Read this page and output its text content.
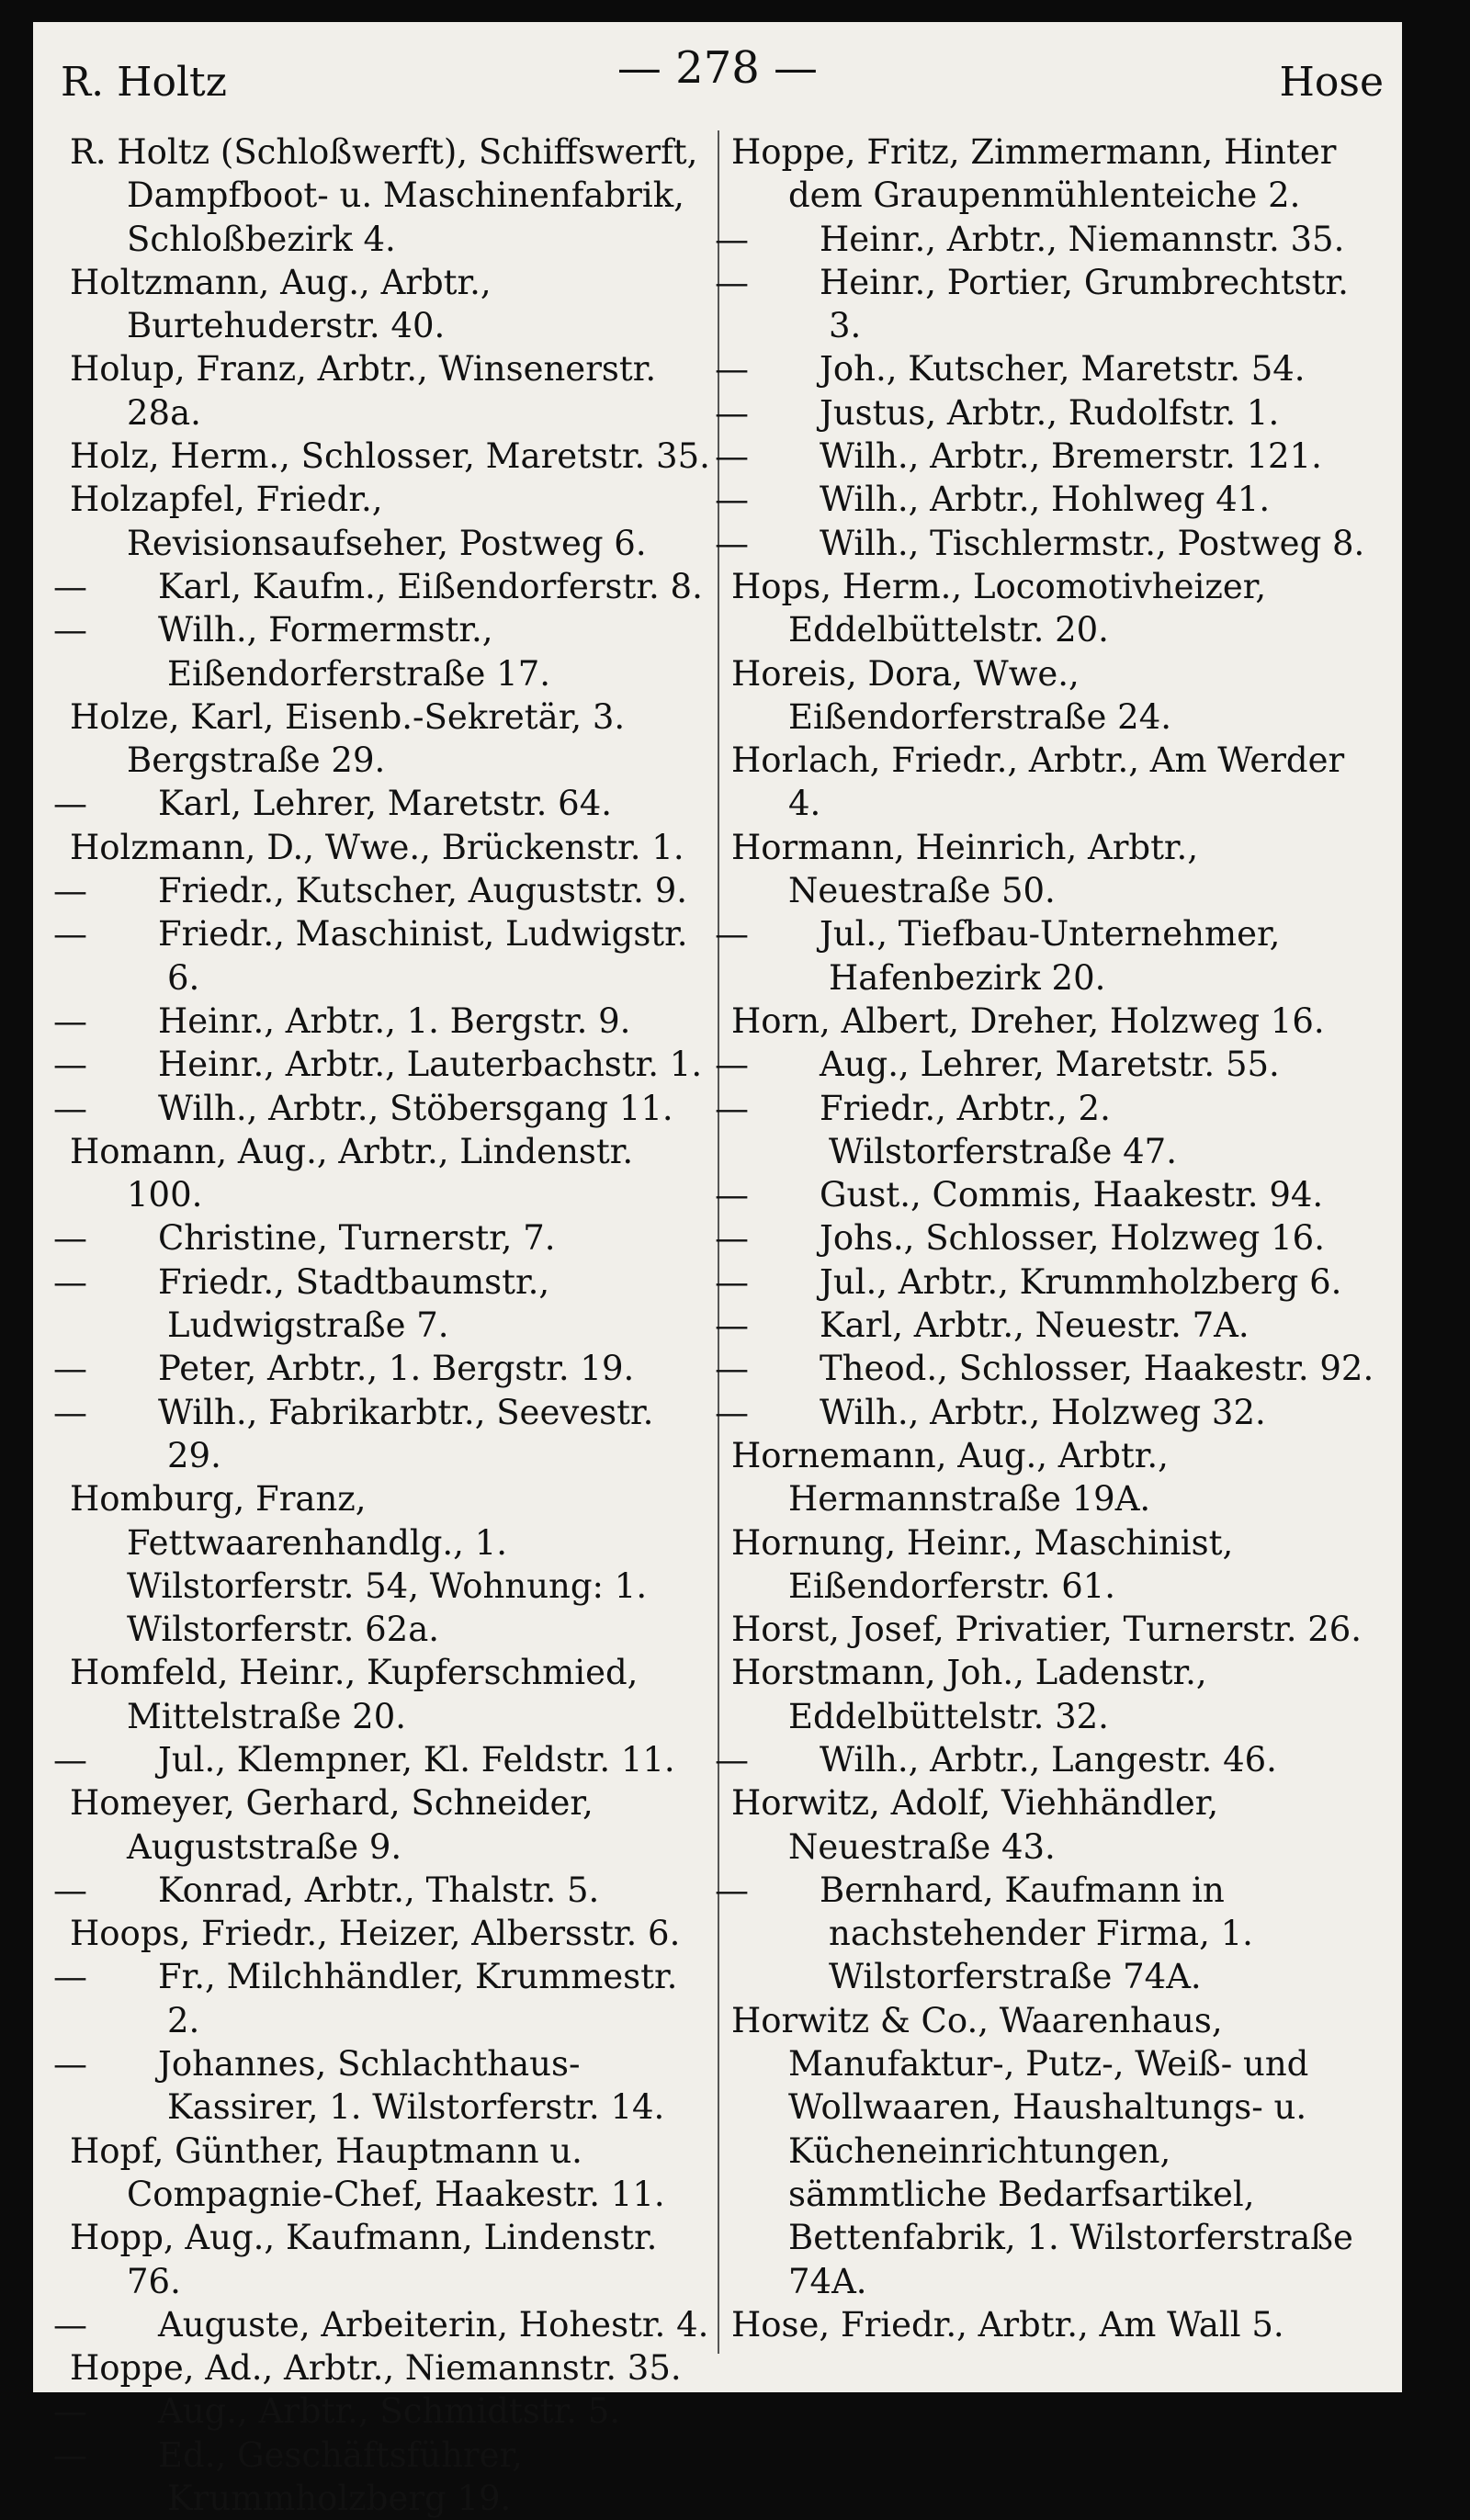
R. Holtz	— 278 —	Hose

R. Holtz (Schloßwerft), Schiffswerft, Dampfboot- u. Maschinenfabrik, Schloßbezirk 4.

Holtzmann, Aug., Arbtr., Burtehuderstr. 40.

Holup, Franz, Arbtr., Winsenerstr. 28a.

Holz, Herm., Schlosser, Maretstr. 35.

Holzapfel, Friedr., Revisionsaufseher, Postweg 6.

— Karl, Kaufm., Eißendorferstr. 8.

— Wilh., Formermstr., Eißendorferstraße 17.

Holze, Karl, Eisenb.-Sekretär, 3. Bergstraße 29.

— Karl, Lehrer, Maretstr. 64.

Holzmann, D., Wwe., Brückenstr. 1.

— Friedr., Kutscher, Auguststr. 9.

— Friedr., Maschinist, Ludwigstr. 6.

— Heinr., Arbtr., 1. Bergstr. 9.

— Heinr., Arbtr., Lauterbachstr. 1.

— Wilh., Arbtr., Stöbersgang 11.

Homann, Aug., Arbtr., Lindenstr. 100.

— Christine, Turnerstr, 7.

— Friedr., Stadtbaumstr., Ludwigstraße 7.

— Peter, Arbtr., 1. Bergstr. 19.

— Wilh., Fabrikarbtr., Seevestr. 29.

Homburg, Franz, Fettwaarenhandlg., 1. Wilstorferstr. 54, Wohnung: 1. Wilstorferstr. 62a.

Homfeld, Heinr., Kupferschmied, Mittelstraße 20.

— Jul., Klempner, Kl. Feldstr. 11.

Homeyer, Gerhard, Schneider, Auguststraße 9.

— Konrad, Arbtr., Thalstr. 5.

Hoops, Friedr., Heizer, Albersstr. 6.

— Fr., Milchhändler, Krummestr. 2.

— Johannes, Schlachthaus-Kassirer, 1. Wilstorferstr. 14.

Hopf, Günther, Hauptmann u. Compagnie-Chef, Haakestr. 11.

Hopp, Aug., Kaufmann, Lindenstr. 76.

— Auguste, Arbeiterin, Hohestr. 4.

Hoppe, Ad., Arbtr., Niemannstr. 35.

— Aug., Arbtr., Schmidtstr. 5.

— Ed., Geschäftsführer, Krummholzberg 19.

Hoppe, Fritz, Zimmermann, Hinter dem Graupenmühlenteiche 2.

— Heinr., Arbtr., Niemannstr. 35.

— Heinr., Portier, Grumbrechtstr. 3.

— Joh., Kutscher, Maretstr. 54.

— Justus, Arbtr., Rudolfstr. 1.

— Wilh., Arbtr., Bremerstr. 121.

— Wilh., Arbtr., Hohlweg 41.

— Wilh., Tischlermstr., Postweg 8.

Hops, Herm., Locomotivheizer, Eddelbüttelstr. 20.

Horeis, Dora, Wwe., Eißendorferstraße 24.

Horlach, Friedr., Arbtr., Am Werder 4.

Hormann, Heinrich, Arbtr., Neuestraße 50.

— Jul., Tiefbau-Unternehmer, Hafenbezirk 20.

Horn, Albert, Dreher, Holzweg 16.

— Aug., Lehrer, Maretstr. 55.

— Friedr., Arbtr., 2. Wilstorferstraße 47.

— Gust., Commis, Haakestr. 94.

— Johs., Schlosser, Holzweg 16.

— Jul., Arbtr., Krummholzberg 6.

— Karl, Arbtr., Neuestr. 7A.

— Theod., Schlosser, Haakestr. 92.

— Wilh., Arbtr., Holzweg 32.

Hornemann, Aug., Arbtr., Hermannstraße 19A.

Hornung, Heinr., Maschinist, Eißendorferstr. 61.

Horst, Josef, Privatier, Turnerstr. 26.

Horstmann, Joh., Ladenstr., Eddelbüttelstr. 32.

— Wilh., Arbtr., Langestr. 46.

Horwitz, Adolf, Viehhändler, Neuestraße 43.

— Bernhard, Kaufmann in nachstehender Firma, 1. Wilstorferstraße 74A.

Horwitz & Co., Waarenhaus, Manufaktur-, Putz-, Weiß- und Wollwaaren, Haushaltungs- u. Kücheneinrichtungen, sämmtliche Bedarfsartikel, Bettenfabrik, 1. Wilstorferstraße 74A.

Hose, Friedr., Arbtr., Am Wall 5.
